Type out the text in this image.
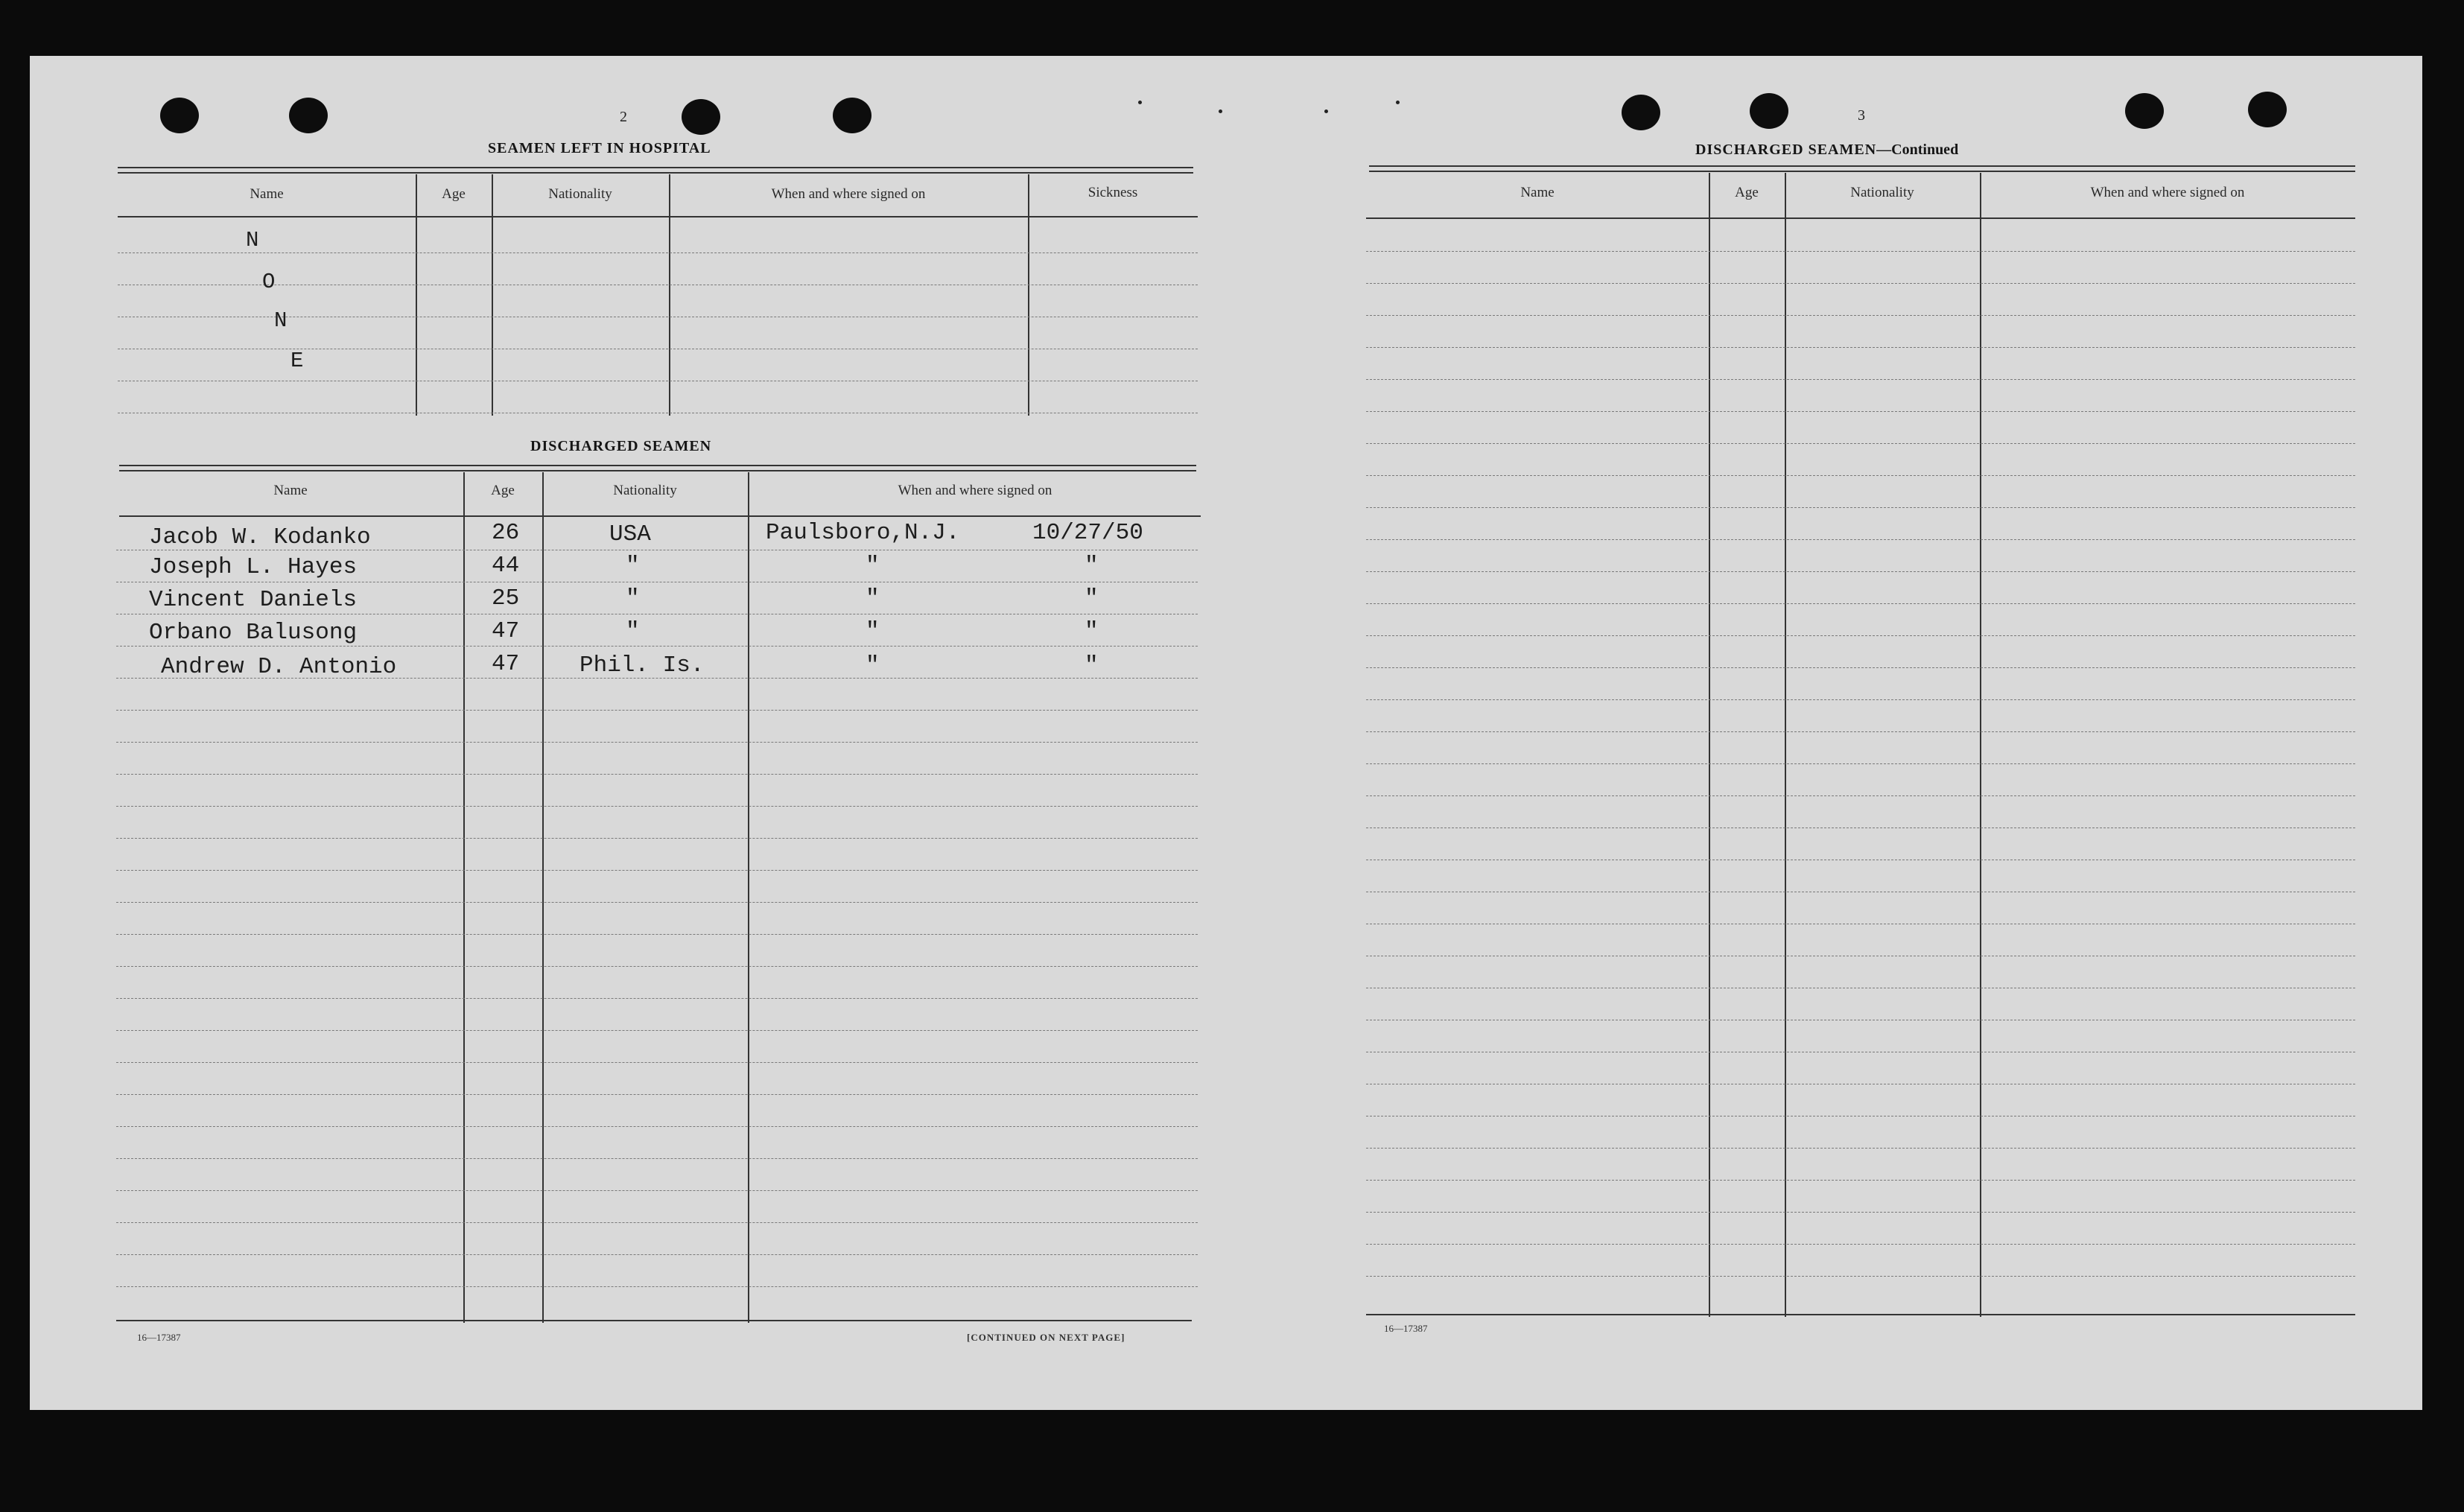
2
SEAMEN LEFT IN HOSPITAL
Name	Age	Nationality	When and where signed on	Sickness
N
O
N
E
DISCHARGED SEAMEN
Name	Age	Nationality	When and where signed on
Jacob W. Kodanko	26	USA	Paulsboro,N.J.	10/27/50
Joseph L. Hayes	44	"	"	"
Vincent Daniels	25	"	"	"
Orbano Balusong	47	"	"	"
Andrew D. Antonio	47	Phil. Is.	"	"
16—17387	[CONTINUED ON NEXT PAGE]
3
DISCHARGED SEAMEN—Continued
Name	Age	Nationality	When and where signed on
16—17387
